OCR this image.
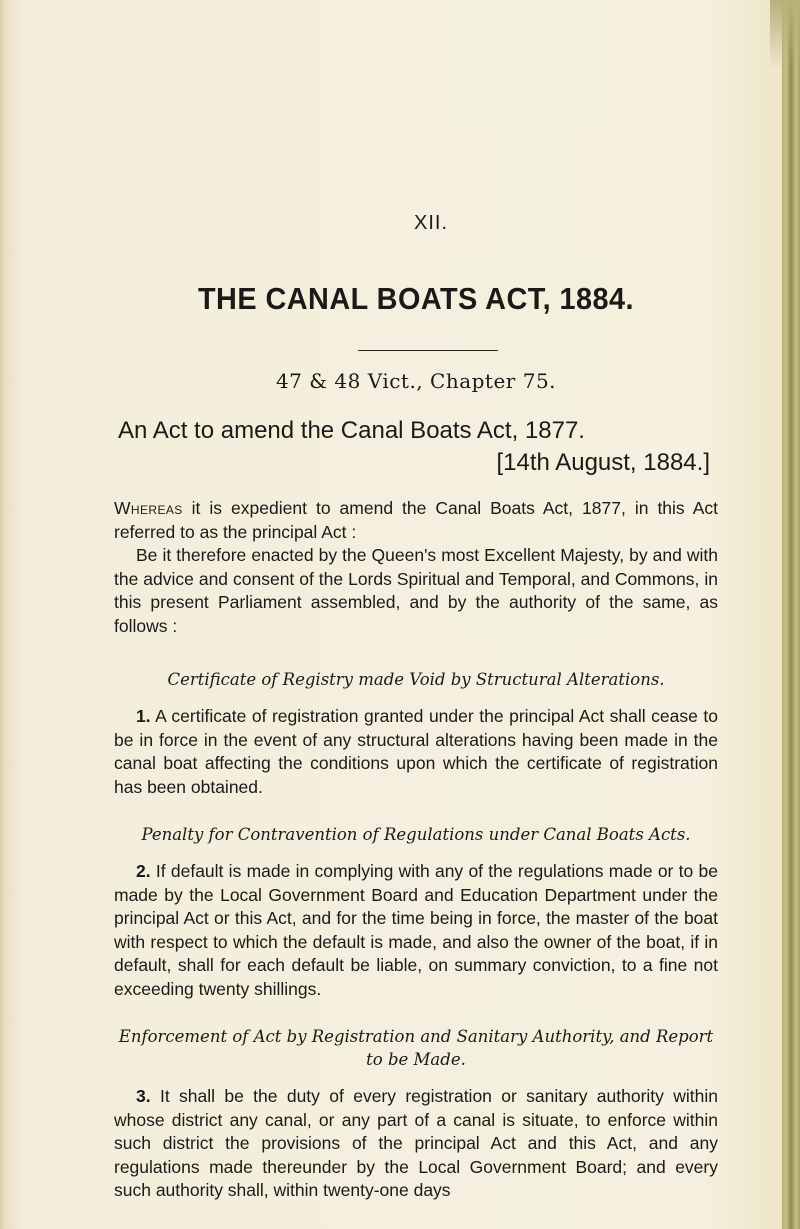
XII.
THE CANAL BOATS ACT, 1884.
47 & 48 Vict., Chapter 75.
An Act to amend the Canal Boats Act, 1877.
[14th August, 1884.]

Whereas it is expedient to amend the Canal Boats Act, 1877, in this Act referred to as the principal Act :

Be it therefore enacted by the Queen's most Excellent Majesty, by and with the advice and consent of the Lords Spiritual and Temporal, and Commons, in this present Parliament assembled, and by the authority of the same, as follows :

Certificate of Registry made Void by Structural Alterations.

1. A certificate of registration granted under the principal Act shall cease to be in force in the event of any structural alterations having been made in the canal boat affecting the conditions upon which the certificate of registration has been obtained.

Penalty for Contravention of Regulations under Canal Boats Acts.

2. If default is made in complying with any of the regulations made or to be made by the Local Government Board and Education Department under the principal Act or this Act, and for the time being in force, the master of the boat with respect to which the default is made, and also the owner of the boat, if in default, shall for each default be liable, on summary conviction, to a fine not exceeding twenty shillings.

Enforcement of Act by Registration and Sanitary Authority, and Report to be Made.

3. It shall be the duty of every registration or sanitary authority within whose district any canal, or any part of a canal is situate, to enforce within such district the provisions of the principal Act and this Act, and any regulations made thereunder by the Local Government Board; and every such authority shall, within twenty-one days
